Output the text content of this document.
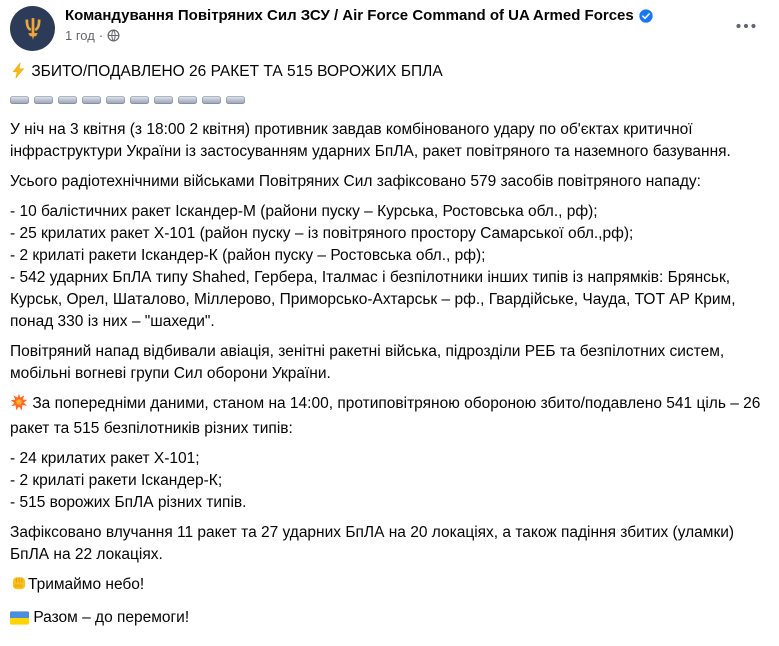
Командування Повітряних Сил ЗСУ / Air Force Command of UA Armed Forces
1 год ·

ЗБИТО/ПОДАВЛЕНО 26 РАКЕТ ТА 515 ВОРОЖИХ БПЛА

У ніч на 3 квітня (з 18:00 2 квітня) противник завдав комбінованого удару по об'єктах критичної інфраструктури України із застосуванням ударних БпЛА, ракет повітряного та наземного базування.

Усього радіотехнічними військами Повітряних Сил зафіксовано 579 засобів повітряного нападу:

- 10 балістичних ракет Іскандер-М (райони пуску – Курська, Ростовська обл., рф);
- 25 крилатих ракет Х-101 (район пуску – із повітряного простору Самарської обл.,рф);
- 2 крилаті ракети Іскандер-К (район пуску – Ростовська обл., рф);
- 542 ударних БпЛА типу Shahed, Гербера, Італмас і безпілотники інших типів із напрямків: Брянськ, Курськ, Орел, Шаталово, Міллерово, Приморсько-Ахтарськ – рф., Гвардійське, Чауда, ТОТ АР Крим, понад 330 із них – "шахеди".

Повітряний напад відбивали авіація, зенітні ракетні війська, підрозділи РЕБ та безпілотних систем, мобільні вогневі групи Сил оборони України.

За попередніми даними, станом на 14:00, протиповітряною обороною збито/подавлено 541 ціль – 26 ракет та 515 безпілотників різних типів:

- 24 крилатих ракет Х-101;
- 2 крилаті ракети Іскандер-К;
- 515 ворожих БпЛА різних типів.

Зафіксовано влучання 11 ракет та 27 ударних БпЛА на 20 локаціях, а також падіння збитих (уламки) БпЛА на 22 локаціях.

Тримаймо небо!

Разом – до перемоги!
